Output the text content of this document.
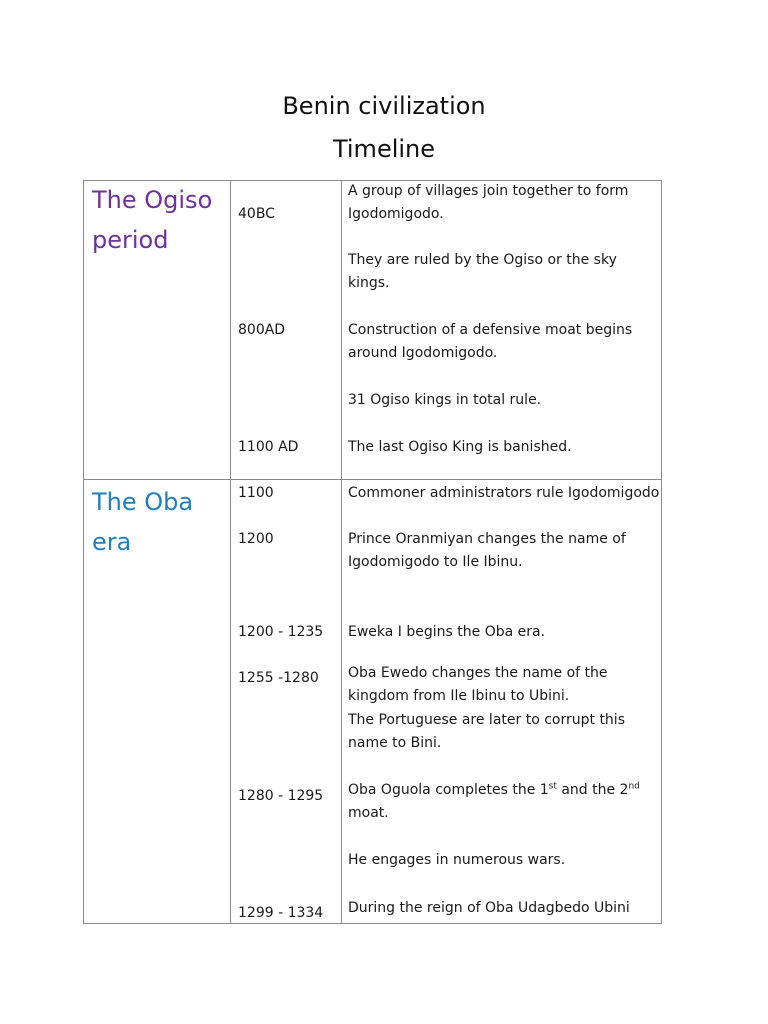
Benin civilization
Timeline
The Ogiso
period
The Oba
era
40BC
800AD
1100 AD
1100
1200
1200 - 1235
1255 -1280
1280 - 1295
1299 - 1334
A group of villages join together to form
Igodomigodo.
They are ruled by the Ogiso or the sky
kings.
Construction of a defensive moat begins
around Igodomigodo.
31 Ogiso kings in total rule.
The last Ogiso King is banished.
Commoner administrators rule Igodomigodo
Prince Oranmiyan changes the name of
Igodomigodo to Ile Ibinu.
Eweka I begins the Oba era.
Oba Ewedo changes the name of the
kingdom from Ile Ibinu to Ubini.
The Portuguese are later to corrupt this
name to Bini.
Oba Oguola completes the 1st and the 2nd
moat.
He engages in numerous wars.
During the reign of Oba Udagbedo Ubini
